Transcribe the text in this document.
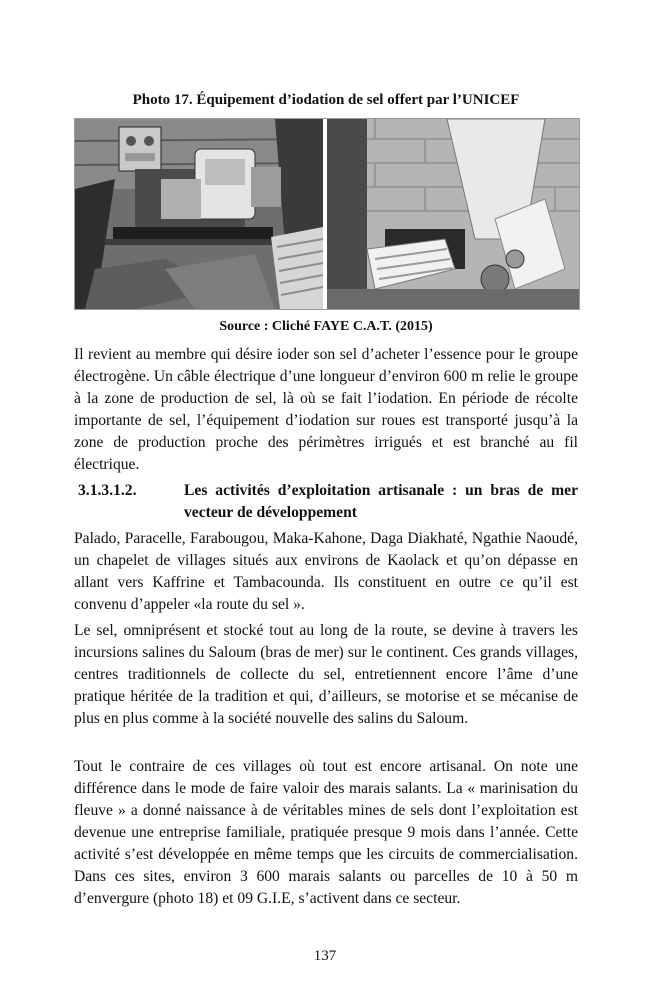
Photo 17. Équipement d’iodation de sel offert par l’UNICEF
Source : Cliché FAYE C.A.T. (2015)

Il revient au membre qui désire ioder son sel d’acheter l’essence pour le groupe électrogène. Un câble électrique d’une longueur d’environ 600 m relie le groupe à la zone de production de sel, là où se fait l’iodation. En période de récolte importante de sel, l’équipement d’iodation sur roues est transporté jusqu’à la zone de production proche des périmètres irrigués et est branché au fil électrique.

3.1.3.1.2.	Les activités d’exploitation artisanale : un bras de mer vecteur de développement

Palado, Paracelle, Farabougou, Maka-Kahone, Daga Diakhaté, Ngathie Naoudé, un chapelet de villages situés aux environs de Kaolack et qu’on dépasse en allant vers Kaffrine et Tambacounda. Ils constituent en outre ce qu’il est convenu d’appeler «la route du sel ».

Le sel, omniprésent et stocké tout au long de la route, se devine à travers les incursions salines du Saloum (bras de mer) sur le continent. Ces grands villages, centres traditionnels de collecte du sel, entretiennent encore l’âme d’une pratique héritée de la tradition et qui, d’ailleurs, se motorise et se mécanise de plus en plus comme à la société nouvelle des salins du Saloum.

Tout le contraire de ces villages où tout est encore artisanal. On note une différence dans le mode de faire valoir des marais salants. La « marinisation du fleuve » a donné naissance à de véritables mines de sels dont l’exploitation est devenue une entreprise familiale, pratiquée presque 9 mois dans l’année. Cette activité s’est développée en même temps que les circuits de commercialisation. Dans ces sites, environ 3 600 marais salants ou parcelles de 10 à 50 m d’envergure (photo 18) et 09 G.I.E, s’activent dans ce secteur.

137
